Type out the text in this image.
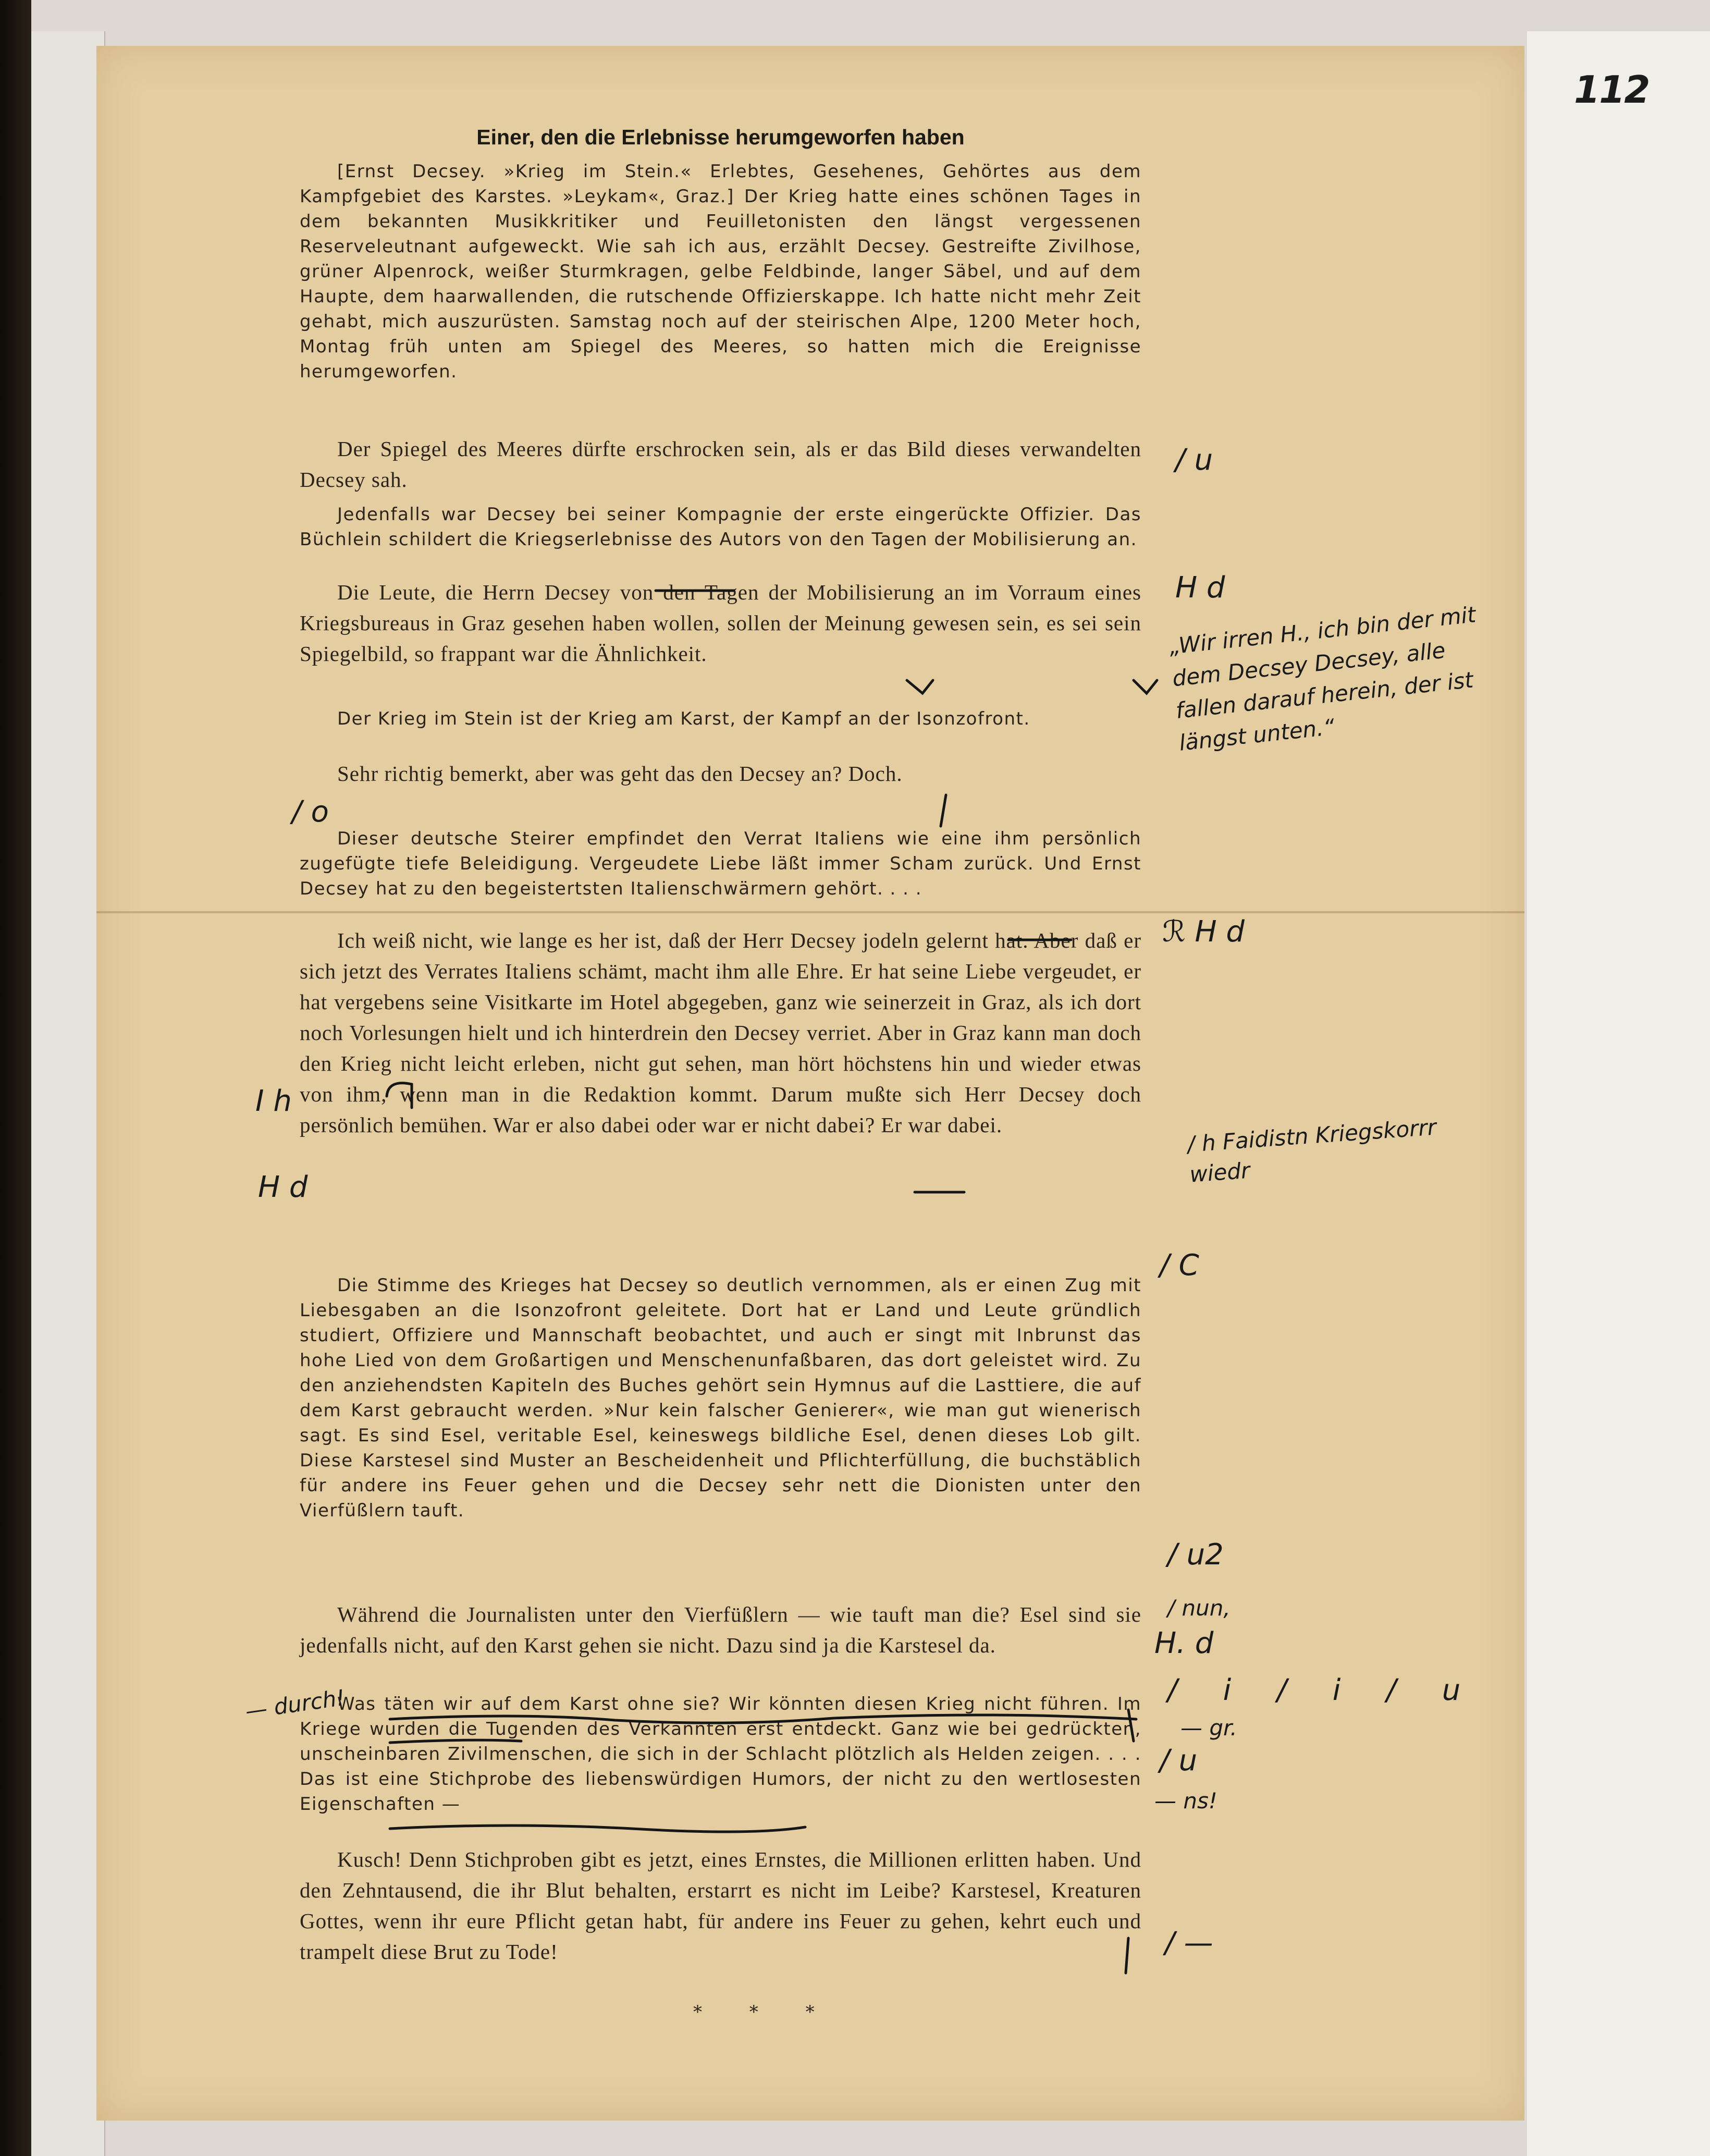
112
Einer, den die Erlebnisse herumgeworfen haben
[Ernst Decsey. »Krieg im Stein.« Erlebtes, Gesehenes, Gehörtes aus dem Kampfgebiet des Karstes. »Leykam«, Graz.] Der Krieg hatte eines schönen Tages in dem bekannten Musikkritiker und Feuilletonisten den längst vergessenen Reserveleutnant aufgeweckt. Wie sah ich aus, erzählt Decsey. Gestreifte Zivilhose, grüner Alpenrock, weißer Sturmkragen, gelbe Feldbinde, langer Säbel, und auf dem Haupte, dem haarwallenden, die rutschende Offizierskappe. Ich hatte nicht mehr Zeit gehabt, mich auszurüsten. Samstag noch auf der steirischen Alpe, 1200 Meter hoch, Montag früh unten am Spiegel des Meeres, so hatten mich die Ereignisse herumgeworfen.
Der Spiegel des Meeres dürfte erschrocken sein, als er das Bild dieses verwandelten Decsey sah.
Jedenfalls war Decsey bei seiner Kompagnie der erste eingerückte Offizier. Das Büchlein schildert die Kriegserlebnisse des Autors von den Tagen der Mobilisierung an.
Die Leute, die Herrn Decsey von den Tagen der Mobilisierung an im Vorraum eines Kriegsbureaus in Graz gesehen haben wollen, sollen der Meinung gewesen sein, es sei sein Spiegelbild, so frappant war die Ähnlichkeit.
Der Krieg im Stein ist der Krieg am Karst, der Kampf an der Isonzofront.
Sehr richtig bemerkt, aber was geht das den Decsey an? Doch.
Dieser deutsche Steirer empfindet den Verrat Italiens wie eine ihm persönlich zugefügte tiefe Beleidigung. Vergeudete Liebe läßt immer Scham zurück. Und Ernst Decsey hat zu den begeistertsten Italienschwärmern gehört. . . .
Ich weiß nicht, wie lange es her ist, daß der Herr Decsey jodeln gelernt hat. Aber daß er sich jetzt des Verrates Italiens schämt, macht ihm alle Ehre. Er hat seine Liebe vergeudet, er hat vergebens seine Visitkarte im Hotel abgegeben, ganz wie seinerzeit in Graz, als ich dort noch Vorlesungen hielt und ich hinterdrein den Decsey verriet. Aber in Graz kann man doch den Krieg nicht leicht erleben, nicht gut sehen, man hört höchstens hin und wieder etwas von ihm, wenn man in die Redaktion kommt. Darum mußte sich Herr Decsey doch persönlich bemühen. War er also dabei oder war er nicht dabei? Er war dabei.
Die Stimme des Krieges hat Decsey so deutlich vernommen, als er einen Zug mit Liebesgaben an die Isonzofront geleitete. Dort hat er Land und Leute gründlich studiert, Offiziere und Mannschaft beobachtet, und auch er singt mit Inbrunst das hohe Lied von dem Großartigen und Menschenunfaßbaren, das dort geleistet wird. Zu den anziehendsten Kapiteln des Buches gehört sein Hymnus auf die Lasttiere, die auf dem Karst gebraucht werden. »Nur kein falscher Genierer«, wie man gut wienerisch sagt. Es sind Esel, veritable Esel, keineswegs bildliche Esel, denen dieses Lob gilt. Diese Karstesel sind Muster an Bescheidenheit und Pflichterfüllung, die buchstäblich für andere ins Feuer gehen und die Decsey sehr nett die Dionisten unter den Vierfüßlern tauft.
Während die Journalisten unter den Vierfüßlern — wie tauft man die? Esel sind sie jedenfalls nicht, auf den Karst gehen sie nicht. Dazu sind ja die Karstesel da.
Was täten wir auf dem Karst ohne sie? Wir könnten diesen Krieg nicht führen. Im Kriege wurden die Tugenden des Verkannten erst entdeckt. Ganz wie bei gedrückten, unscheinbaren Zivilmenschen, die sich in der Schlacht plötzlich als Helden zeigen. . . . Das ist eine Stichprobe des liebenswürdigen Humors, der nicht zu den wertlosesten Eigenschaften —
Kusch! Denn Stichproben gibt es jetzt, eines Ernstes, die Millionen erlitten haben. Und den Zehntausend, die ihr Blut behalten, erstarrt es nicht im Leibe? Karstesel, Kreaturen Gottes, wenn ihr eure Pflicht getan habt, für andere ins Feuer zu gehen, kehrt euch und trampelt diese Brut zu Tode!
* * *
/ u
H d
„Wir irren H., ich bin der mit dem Decsey Decsey, alle fallen darauf herein, der ist längst unten.“
ℛ H d
/ h Faidistn Kriegskorrr wiedr
/ C
/ u2
/ nun,
H. d
/ i / i / u
— gr.
/ u
— ns!
/ —
/ o
I h
H d
— durch!
